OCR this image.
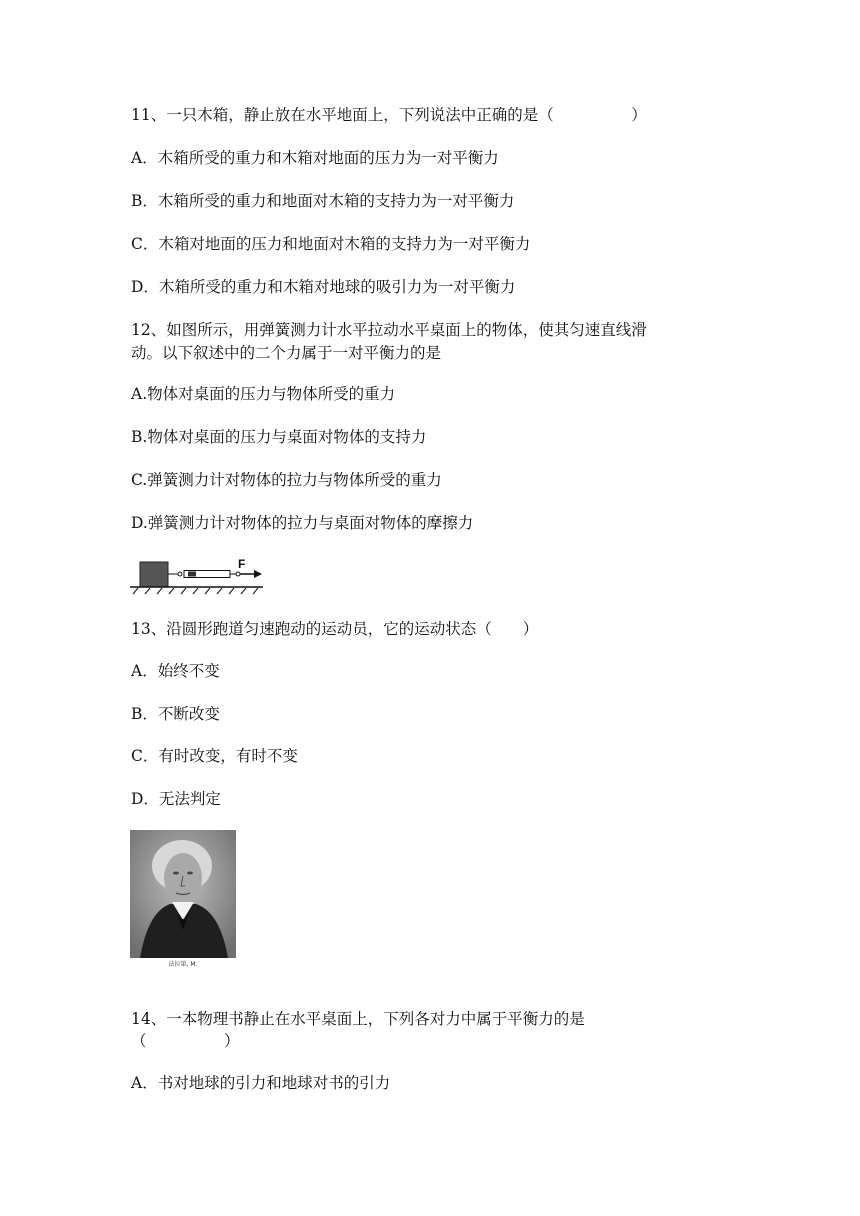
11、一只木箱，静止放在水平地面上，下列说法中正确的是（　　　　　）
A．木箱所受的重力和木箱对地面的压力为一对平衡力
B．木箱所受的重力和地面对木箱的支持力为一对平衡力
C．木箱对地面的压力和地面对木箱的支持力为一对平衡力
D．木箱所受的重力和木箱对地球的吸引力为一对平衡力
12、如图所示，用弹簧测力计水平拉动水平桌面上的物体，使其匀速直线滑
动。以下叙述中的二个力属于一对平衡力的是
A.物体对桌面的压力与物体所受的重力
B.物体对桌面的压力与桌面对物体的支持力
C.弹簧测力计对物体的拉力与物体所受的重力
D.弹簧测力计对物体的拉力与桌面对物体的摩擦力
F
13、沿圆形跑道匀速跑动的运动员，它的运动状态（　　）
A．始终不变
B．不断改变
C．有时改变，有时不变
D．无法判定
法拉第, M.
14、一本物理书静止在水平桌面上，下列各对力中属于平衡力的是
（　　　　　）
A．书对地球的引力和地球对书的引力
